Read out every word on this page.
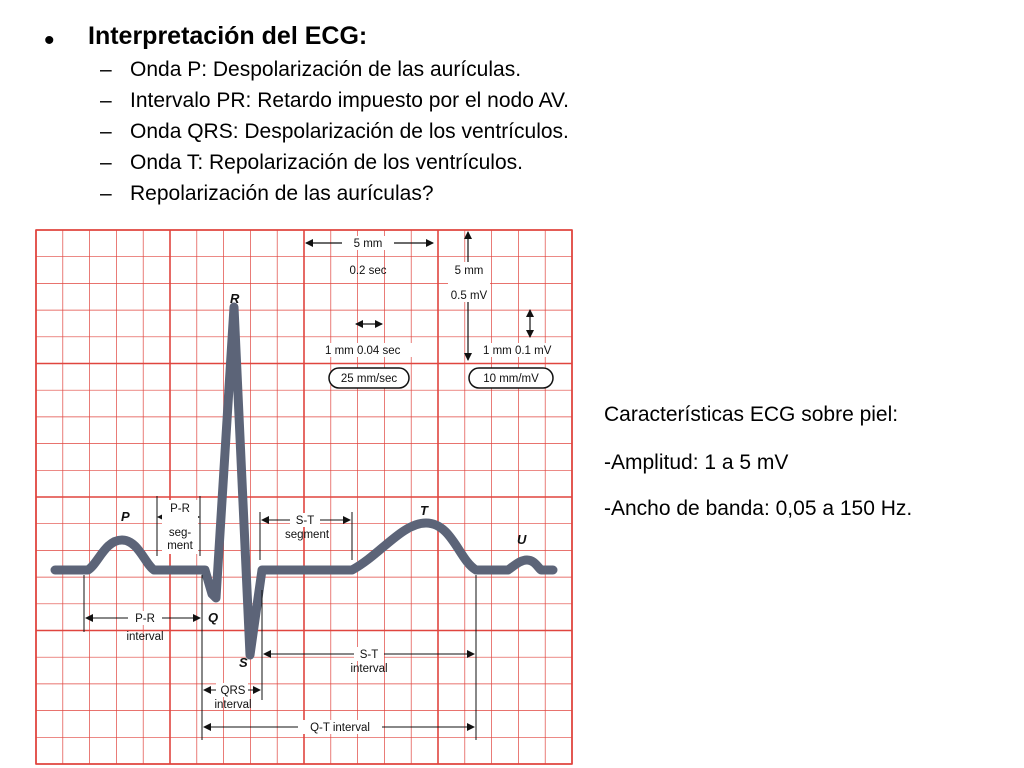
• Interpretación del ECG:
– Onda P: Despolarización de las aurículas.
– Intervalo PR: Retardo impuesto por el nodo AV.
– Onda QRS: Despolarización de los ventrículos.
– Onda T: Repolarización de los ventrículos.
– Repolarización de las aurículas?
Características ECG sobre piel:
-Amplitud: 1 a 5 mV
-Ancho de banda: 0,05 a 150 Hz.
5 mm
0.2 sec	5 mm
0.5 mV
1 mm 0.04 sec	1 mm 0.1 mV
25 mm/sec	10 mm/mV
P
R
Q
S
T
U
P-R
seg-
ment
S-T
segment
P-R
interval
S-T
interval
QRS
interval
Q-T interval
